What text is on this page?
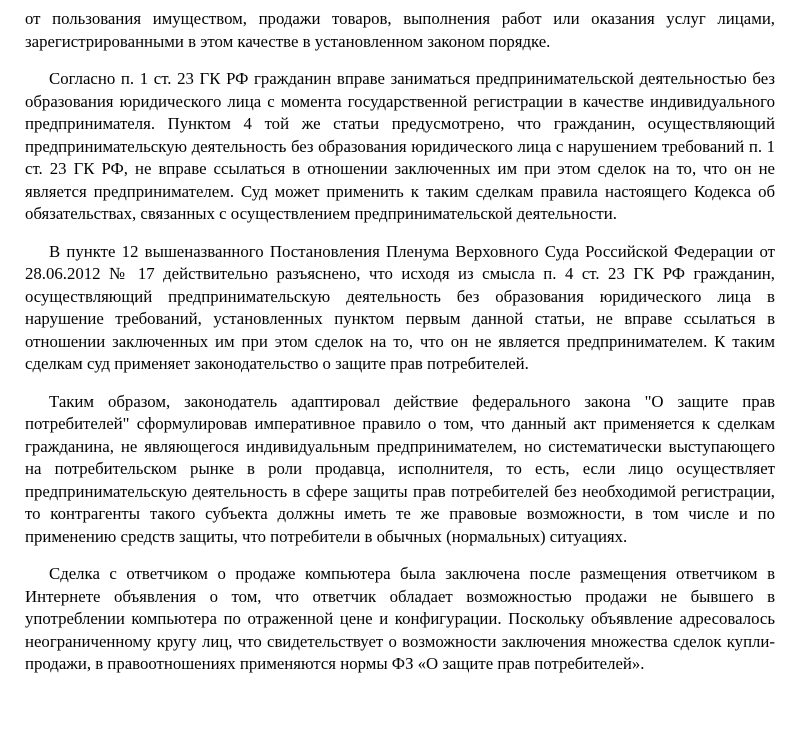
от пользования имуществом, продажи товаров, выполнения работ или оказания услуг лицами, зарегистрированными в этом качестве в установленном законом порядке.

Согласно п. 1 ст. 23 ГК РФ гражданин вправе заниматься предпринимательской деятельностью без образования юридического лица с момента государственной регистрации в качестве индивидуального предпринимателя. Пунктом 4 той же статьи предусмотрено, что гражданин, осуществляющий предпринимательскую деятельность без образования юридического лица с нарушением требований п. 1 ст. 23 ГК РФ, не вправе ссылаться в отношении заключенных им при этом сделок на то, что он не является предпринимателем. Суд может применить к таким сделкам правила настоящего Кодекса об обязательствах, связанных с осуществлением предпринимательской деятельности.

В пункте 12 вышеназванного Постановления Пленума Верховного Суда Российской Федерации от 28.06.2012 № 17 действительно разъяснено, что исходя из смысла п. 4 ст. 23 ГК РФ гражданин, осуществляющий предпринимательскую деятельность без образования юридического лица в нарушение требований, установленных пунктом первым данной статьи, не вправе ссылаться в отношении заключенных им при этом сделок на то, что он не является предпринимателем. К таким сделкам суд применяет законодательство о защите прав потребителей.

Таким образом, законодатель адаптировал действие федерального закона "О защите прав потребителей" сформулировав императивное правило о том, что данный акт применяется к сделкам гражданина, не являющегося индивидуальным предпринимателем, но систематически выступающего на потребительском рынке в роли продавца, исполнителя, то есть, если лицо осуществляет предпринимательскую деятельность в сфере защиты прав потребителей без необходимой регистрации, то контрагенты такого субъекта должны иметь те же правовые возможности, в том числе и по применению средств защиты, что потребители в обычных (нормальных) ситуациях.

Сделка с ответчиком о продаже компьютера была заключена после размещения ответчиком в Интернете объявления о том, что ответчик обладает возможностью продажи не бывшего в употреблении компьютера по отраженной цене и конфигурации. Поскольку объявление адресовалось неограниченному кругу лиц, что свидетельствует о возможности заключения множества сделок купли-продажи, в правоотношениях применяются нормы ФЗ «О защите прав потребителей».
